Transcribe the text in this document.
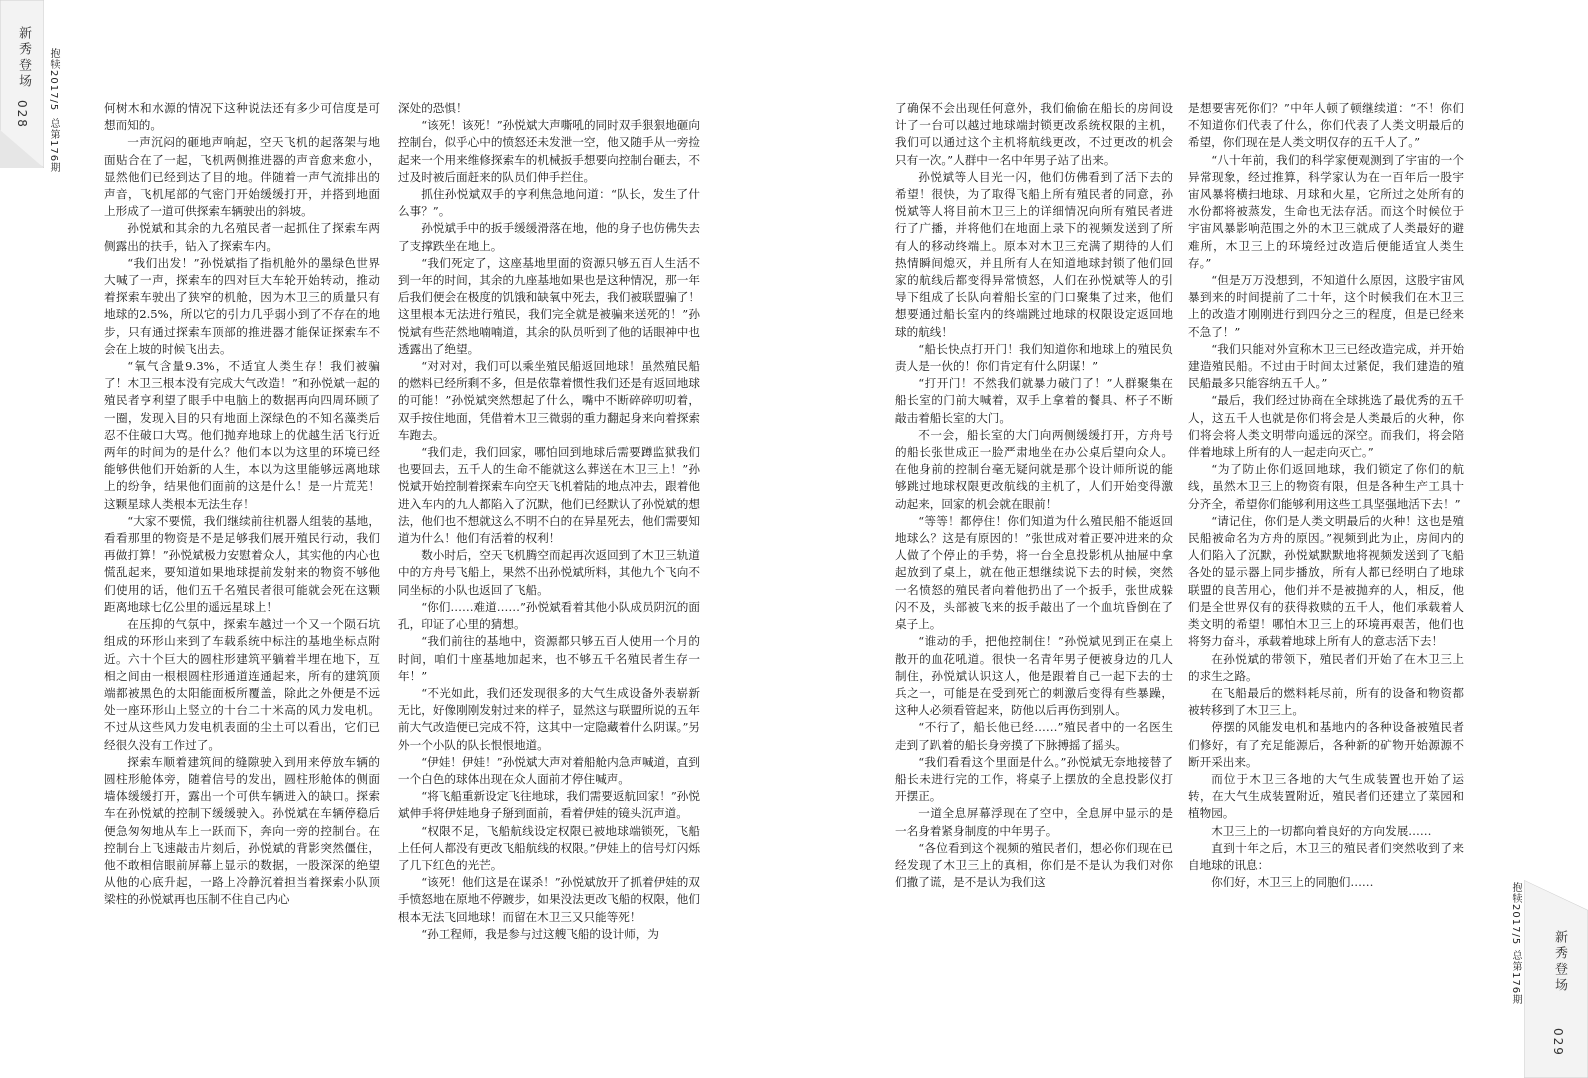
新秀登场
028
抱犊2017/5
总第176期

何树木和水源的情况下这种说法还有多少可信度是可想而知的。

一声沉闷的砸地声响起，空天飞机的起落架与地面贴合在了一起，飞机两侧推进器的声音愈来愈小，显然他们已经到达了目的地。伴随着一声气流排出的声音，飞机尾部的气密门开始缓缓打开，并搭到地面上形成了一道可供探索车辆驶出的斜坡。

孙悦斌和其余的九名殖民者一起抓住了探索车两侧露出的扶手，钻入了探索车内。

“我们出发！”孙悦斌指了指机舱外的墨绿色世界大喊了一声，探索车的四对巨大车轮开始转动，推动着探索车驶出了狭窄的机舱，因为木卫三的质量只有地球的2.5%，所以它的引力几乎弱小到了不存在的地步，只有通过探索车顶部的推进器才能保证探索车不会在上坡的时候飞出去。

“氧气含量9.3%，不适宜人类生存！我们被骗了！木卫三根本没有完成大气改造！”和孙悦斌一起的殖民者亨利望了眼手中电脑上的数据再向四周环顾了一圈，发现入目的只有地面上深绿色的不知名藻类后忍不住破口大骂。他们抛弃地球上的优越生活飞行近两年的时间为的是什么？他们本以为这里的环境已经能够供他们开始新的人生，本以为这里能够远离地球上的纷争，结果他们面前的这是什么！是一片荒芜！这颗星球人类根本无法生存！

“大家不要慌，我们继续前往机器人组装的基地，看看那里的物资是不是足够我们展开殖民行动，我们再做打算！”孙悦斌极力安慰着众人，其实他的内心也慌乱起来，要知道如果地球提前发射来的物资不够他们使用的话，他们五千名殖民者很可能就会死在这颗距离地球七亿公里的遥远星球上！

在压抑的气氛中，探索车越过一个又一个陨石坑组成的环形山来到了车载系统中标注的基地坐标点附近。六十个巨大的圆柱形建筑平躺着半埋在地下，互相之间由一根根圆柱形通道连通起来，所有的建筑顶端都被黑色的太阳能面板所覆盖，除此之外便是不远处一座环形山上竖立的十台二十米高的风力发电机。不过从这些风力发电机表面的尘土可以看出，它们已经很久没有工作过了。

探索车顺着建筑间的缝隙驶入到用来停放车辆的圆柱形舱体旁，随着信号的发出，圆柱形舱体的侧面墙体缓缓打开，露出一个可供车辆进入的缺口。探索车在孙悦斌的控制下缓缓驶入。孙悦斌在车辆停稳后便急匆匆地从车上一跃而下，奔向一旁的控制台。在控制台上飞速敲击片刻后，孙悦斌的背影突然僵住，他不敢相信眼前屏幕上显示的数据，一股深深的绝望从他的心底升起，一路上冷静沉着担当着探索小队顶梁柱的孙悦斌再也压制不住自己内心

深处的恐惧！

“该死！该死！”孙悦斌大声嘶吼的同时双手狠狠地砸向控制台，似乎心中的愤怒还未发泄一空，他又随手从一旁捡起来一个用来维修探索车的机械扳手想要向控制台砸去，不过及时被后面赶来的队员们伸手拦住。

抓住孙悦斌双手的亨利焦急地问道：“队长，发生了什么事？”。

孙悦斌手中的扳手缓缓滑落在地，他的身子也仿佛失去了支撑跌坐在地上。

“我们死定了，这座基地里面的资源只够五百人生活不到一年的时间，其余的九座基地如果也是这种情况，那一年后我们便会在极度的饥饿和缺氧中死去，我们被联盟骗了！这里根本无法进行殖民，我们完全就是被骗来送死的！”孙悦斌有些茫然地喃喃道，其余的队员听到了他的话眼神中也透露出了绝望。

“对对对，我们可以乘坐殖民船返回地球！虽然殖民船的燃料已经所剩不多，但是依靠着惯性我们还是有返回地球的可能！”孙悦斌突然想起了什么，嘴中不断碎碎叨叨着，双手按住地面，凭借着木卫三微弱的重力翻起身来向着探索车跑去。

“我们走，我们回家，哪怕回到地球后需要蹲监狱我们也要回去，五千人的生命不能就这么葬送在木卫三上！”孙悦斌开始控制着探索车向空天飞机着陆的地点冲去，跟着他进入车内的九人都陷入了沉默，他们已经默认了孙悦斌的想法，他们也不想就这么不明不白的在异星死去，他们需要知道为什么！他们有活着的权利！

数小时后，空天飞机腾空而起再次返回到了木卫三轨道中的方舟号飞船上，果然不出孙悦斌所料，其他九个飞向不同坐标的小队也返回了飞船。

“你们……难道……”孙悦斌看着其他小队成员阴沉的面孔，印证了心里的猜想。

“我们前往的基地中，资源都只够五百人使用一个月的时间，咱们十座基地加起来，也不够五千名殖民者生存一年！”

“不光如此，我们还发现很多的大气生成设备外表崭新无比，好像刚刚发射过来的样子，显然这与联盟所说的五年前大气改造便已完成不符，这其中一定隐藏着什么阴谋。”另外一个小队的队长恨恨地道。

“伊娃！伊娃！”孙悦斌大声对着船舱内急声喊道，直到一个白色的球体出现在众人面前才停住喊声。

“将飞船重新设定飞往地球，我们需要返航回家！”孙悦斌伸手将伊娃地身子掰到面前，看着伊娃的镜头沉声道。

“权限不足，飞船航线设定权限已被地球端锁死，飞船上任何人都没有更改飞船航线的权限。”伊娃上的信号灯闪烁了几下红色的光芒。

“该死！他们这是在谋杀！”孙悦斌放开了抓着伊娃的双手愤怒地在原地不停踱步，如果没法更改飞船的权限，他们根本无法飞回地球！而留在木卫三又只能等死！

“孙工程师，我是参与过这艘飞船的设计师，为

了确保不会出现任何意外，我们偷偷在船长的房间设计了一台可以越过地球端封锁更改系统权限的主机，我们可以通过这个主机将航线更改，不过更改的机会只有一次。”人群中一名中年男子站了出来。

孙悦斌等人目光一闪，他们仿佛看到了活下去的希望！很快，为了取得飞船上所有殖民者的同意，孙悦斌等人将目前木卫三上的详细情况向所有殖民者进行了广播，并将他们在地面上录下的视频发送到了所有人的移动终端上。原本对木卫三充满了期待的人们热情瞬间熄灭，并且所有人在知道地球封锁了他们回家的航线后都变得异常愤怒，人们在孙悦斌等人的引导下组成了长队向着船长室的门口聚集了过来，他们想要通过船长室内的终端跳过地球的权限设定返回地球的航线！

“船长快点打开门！我们知道你和地球上的殖民负责人是一伙的！你们肯定有什么阴谋！”

“打开门！不然我们就暴力破门了！”人群聚集在船长室的门前大喊着，双手上拿着的餐具、杯子不断敲击着船长室的大门。

不一会，船长室的大门向两侧缓缓打开，方舟号的船长张世成正一脸严肃地坐在办公桌后望向众人。在他身前的控制台毫无疑问就是那个设计师所说的能够跳过地球权限更改航线的主机了，人们开始变得激动起来，回家的机会就在眼前！

“等等！都停住！你们知道为什么殖民船不能返回地球么？这是有原因的！”张世成对着正要冲进来的众人做了个停止的手势，将一台全息投影机从抽屉中拿起放到了桌上，就在他正想继续说下去的时候，突然一名愤怒的殖民者向着他扔出了一个扳手，张世成躲闪不及，头部被飞来的扳手敲出了一个血坑昏倒在了桌子上。

“谁动的手，把他控制住！”孙悦斌见到正在桌上散开的血花吼道。很快一名青年男子便被身边的几人制住，孙悦斌认识这人，他是跟着自己一起下去的士兵之一，可能是在受到死亡的刺激后变得有些暴躁，这种人必须看管起来，防他以后再伤到别人。

“不行了，船长他已经……”殖民者中的一名医生走到了趴着的船长身旁摸了下脉搏摇了摇头。

“我们看看这个里面是什么。”孙悦斌无奈地接替了船长未进行完的工作，将桌子上摆放的全息投影仪打开摆正。

一道全息屏幕浮现在了空中，全息屏中显示的是一名身着紧身制度的中年男子。

“各位看到这个视频的殖民者们，想必你们现在已经发现了木卫三上的真相，你们是不是认为我们对你们撒了谎，是不是认为我们这

是想要害死你们？”中年人顿了顿继续道：“不！你们不知道你们代表了什么，你们代表了人类文明最后的希望，你们现在是人类文明仅存的五千人了。”

“八十年前，我们的科学家便观测到了宇宙的一个异常现象，经过推算，科学家认为在一百年后一股宇宙风暴将横扫地球、月球和火星，它所过之处所有的水份都将被蒸发，生命也无法存活。而这个时候位于宇宙风暴影响范围之外的木卫三就成了人类最好的避难所，木卫三上的环境经过改造后便能适宜人类生存。”

“但是万万没想到，不知道什么原因，这股宇宙风暴到来的时间提前了二十年，这个时候我们在木卫三上的改造才刚刚进行到四分之三的程度，但是已经来不急了！”

“我们只能对外宣称木卫三已经改造完成，并开始建造殖民船。不过由于时间太过紧促，我们建造的殖民船最多只能容纳五千人。”

“最后，我们经过协商在全球挑选了最优秀的五千人，这五千人也就是你们将会是人类最后的火种，你们将会将人类文明带向遥远的深空。而我们，将会陪伴着地球上所有的人一起走向灭亡。”

“为了防止你们返回地球，我们锁定了你们的航线，虽然木卫三上的物资有限，但是各种生产工具十分齐全，希望你们能够利用这些工具坚强地活下去！”

“请记住，你们是人类文明最后的火种！这也是殖民船被命名为方舟的原因。”视频到此为止，房间内的人们陷入了沉默，孙悦斌默默地将视频发送到了飞船各处的显示器上同步播放，所有人都已经明白了地球联盟的良苦用心，他们并不是被抛弃的人，相反，他们是全世界仅有的获得救赎的五千人，他们承载着人类文明的希望！哪怕木卫三上的环境再艰苦，他们也将努力奋斗，承载着地球上所有人的意志活下去！

在孙悦斌的带领下，殖民者们开始了在木卫三上的求生之路。

在飞船最后的燃料耗尽前，所有的设备和物资都被转移到了木卫三上。

停摆的风能发电机和基地内的各种设备被殖民者们修好，有了充足能源后，各种新的矿物开始源源不断开采出来。

而位于木卫三各地的大气生成装置也开始了运转，在大气生成装置附近，殖民者们还建立了菜园和植物园。

木卫三上的一切都向着良好的方向发展……

直到十年之后，木卫三的殖民者们突然收到了来自地球的讯息：

你们好，木卫三上的同胞们……	抱犊2017/5
总第176期 新秀登场
029
